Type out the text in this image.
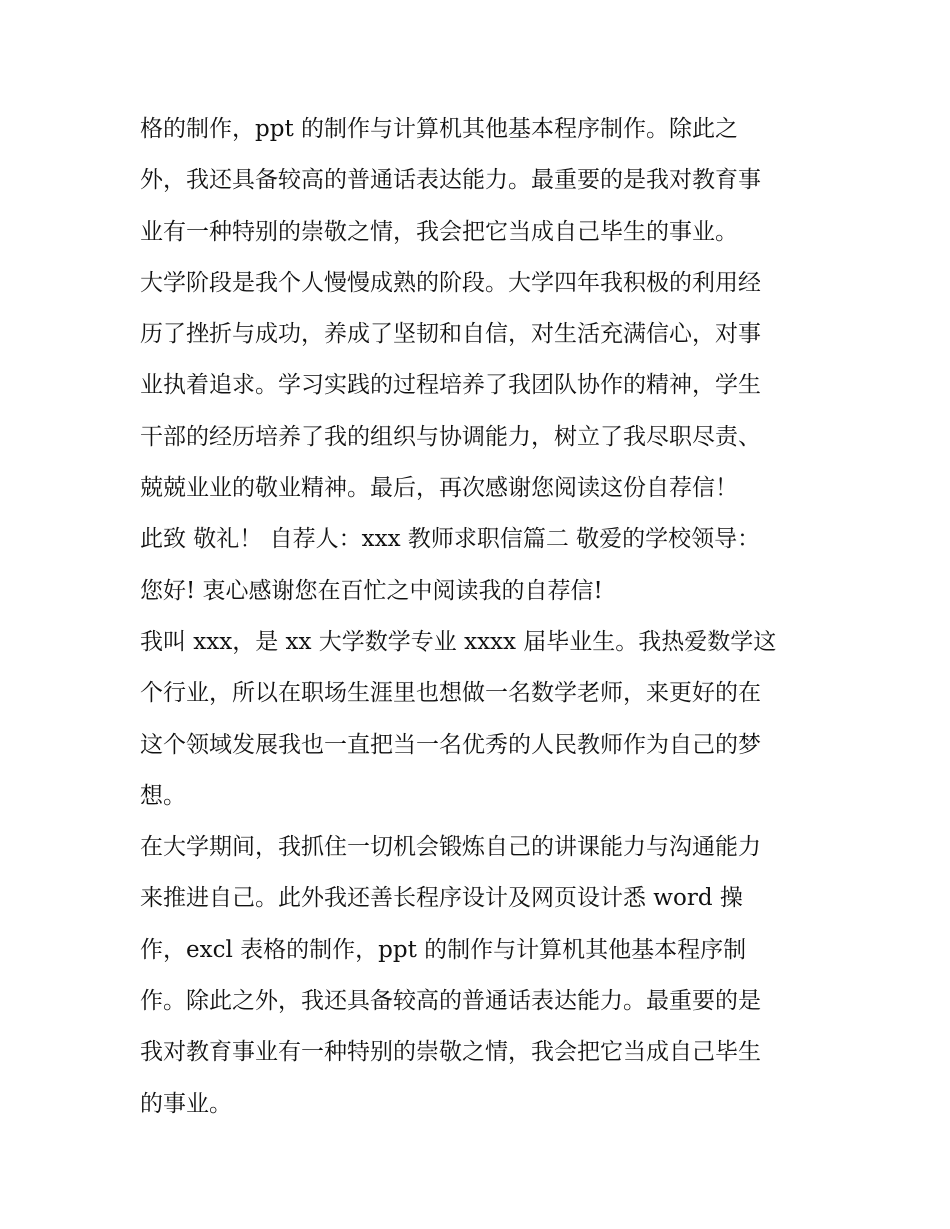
格的制作，ppt 的制作与计算机其他基本程序制作。除此之
外，我还具备较高的普通话表达能力。最重要的是我对教育事
业有一种特别的崇敬之情，我会把它当成自己毕生的事业。
大学阶段是我个人慢慢成熟的阶段。大学四年我积极的利用经
历了挫折与成功，养成了坚韧和自信，对生活充满信心，对事
业执着追求。学习实践的过程培养了我团队协作的精神，学生
干部的经历培养了我的组织与协调能力，树立了我尽职尽责、
兢兢业业的敬业精神。最后，再次感谢您阅读这份自荐信！
此致 敬礼！ 自荐人：xxx 教师求职信篇二 敬爱的学校领导：
您好! 衷心感谢您在百忙之中阅读我的自荐信!
我叫 xxx，是 xx 大学数学专业 xxxx 届毕业生。我热爱数学这
个行业，所以在职场生涯里也想做一名数学老师，来更好的在
这个领域发展我也一直把当一名优秀的人民教师作为自己的梦
想。
在大学期间，我抓住一切机会锻炼自己的讲课能力与沟通能力
来推进自己。此外我还善长程序设计及网页设计悉 word 操
作，excl 表格的制作，ppt 的制作与计算机其他基本程序制
作。除此之外，我还具备较高的普通话表达能力。最重要的是
我对教育事业有一种特别的崇敬之情，我会把它当成自己毕生
的事业。
